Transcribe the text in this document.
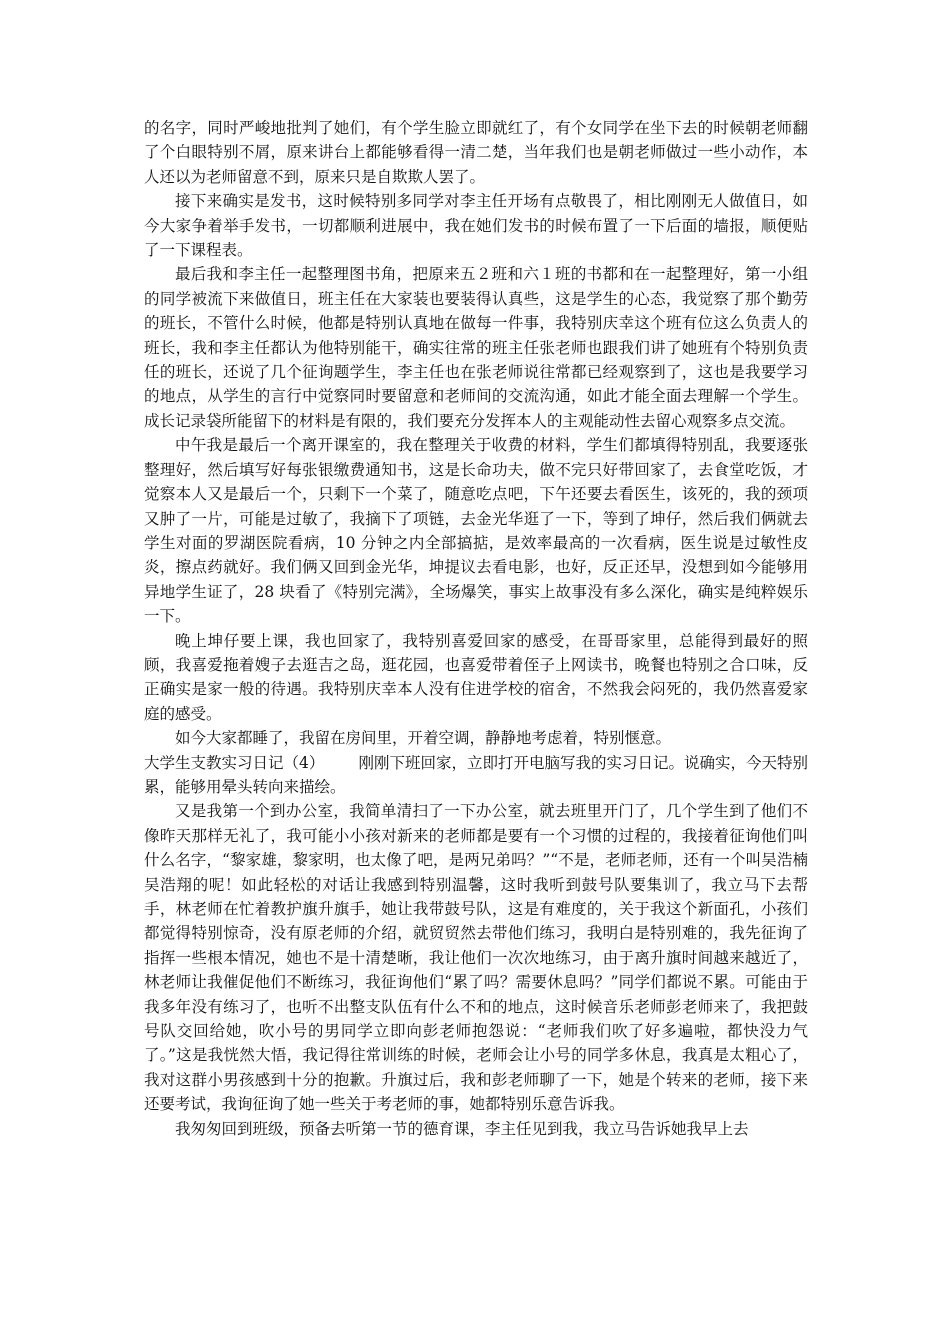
的名字，同时严峻地批判了她们，有个学生脸立即就红了，有个女同学在坐下去的时候朝老师翻了个白眼特别不屑，原来讲台上都能够看得一清二楚，当年我们也是朝老师做过一些小动作，本人还以为老师留意不到，原来只是自欺欺人罢了。

接下来确实是发书，这时候特别多同学对李主任开场有点敬畏了，相比刚刚无人做值日，如今大家争着举手发书，一切都顺利进展中，我在她们发书的时候布置了一下后面的墙报，顺便贴了一下课程表。

最后我和李主任一起整理图书角，把原来五２班和六１班的书都和在一起整理好，第一小组的同学被流下来做值日，班主任在大家装也要装得认真些，这是学生的心态，我觉察了那个勤劳的班长，不管什么时候，他都是特别认真地在做每一件事，我特别庆幸这个班有位这么负责人的班长，我和李主任都认为他特别能干，确实往常的班主任张老师也跟我们讲了她班有个特别负责任的班长，还说了几个征询题学生，李主任也在张老师说往常都已经观察到了，这也是我要学习的地点，从学生的言行中觉察同时要留意和老师间的交流沟通，如此才能全面去理解一个学生。成长记录袋所能留下的材料是有限的，我们要充分发挥本人的主观能动性去留心观察多点交流。

中午我是最后一个离开课室的，我在整理关于收费的材料，学生们都填得特别乱，我要逐张整理好，然后填写好每张银缴费通知书，这是长命功夫，做不完只好带回家了，去食堂吃饭，才觉察本人又是最后一个，只剩下一个菜了，随意吃点吧，下午还要去看医生，该死的，我的颈项又肿了一片，可能是过敏了，我摘下了项链，去金光华逛了一下，等到了坤仔，然后我们俩就去学生对面的罗湖医院看病，10 分钟之内全部搞掂，是效率最高的一次看病，医生说是过敏性皮炎，擦点药就好。我们俩又回到金光华，坤提议去看电影，也好，反正还早，没想到如今能够用异地学生证了，28 块看了《特别完满》，全场爆笑，事实上故事没有多么深化，确实是纯粹娱乐一下。

晚上坤仔要上课，我也回家了，我特别喜爱回家的感受，在哥哥家里，总能得到最好的照顾，我喜爱拖着嫂子去逛吉之岛，逛花园，也喜爱带着侄子上网读书，晚餐也特别之合口味，反正确实是家一般的待遇。我特别庆幸本人没有住进学校的宿舍，不然我会闷死的，我仍然喜爱家庭的感受。

如今大家都睡了，我留在房间里，开着空调，静静地考虑着，特别惬意。

大学生支教实习日记（4） 刚刚下班回家，立即打开电脑写我的实习日记。说确实，今天特别累，能够用晕头转向来描绘。

又是我第一个到办公室，我简单清扫了一下办公室，就去班里开门了，几个学生到了他们不像昨天那样无礼了，我可能小小孩对新来的老师都是要有一个习惯的过程的，我接着征询他们叫什么名字，“黎家雄，黎家明，也太像了吧，是两兄弟吗？”“不是，老师老师，还有一个叫吴浩楠 吴浩翔的呢！如此轻松的对话让我感到特别温馨，这时我听到鼓号队要集训了，我立马下去帮手，林老师在忙着教护旗升旗手，她让我带鼓号队，这是有难度的，关于我这个新面孔，小孩们都觉得特别惊奇，没有原老师的介绍，就贸贸然去带他们练习，我明白是特别难的，我先征询了指挥一些根本情况，她也不是十清楚晰，我让他们一次次地练习，由于离升旗时间越来越近了，林老师让我催促他们不断练习，我征询他们“累了吗？需要休息吗？”同学们都说不累。可能由于我多年没有练习了，也听不出整支队伍有什么不和的地点，这时候音乐老师彭老师来了，我把鼓号队交回给她，吹小号的男同学立即向彭老师抱怨说：“老师我们吹了好多遍啦，都快没力气了。”这是我恍然大悟，我记得往常训练的时候，老师会让小号的同学多休息，我真是太粗心了，我对这群小男孩感到十分的抱歉。升旗过后，我和彭老师聊了一下，她是个转来的老师，接下来还要考试，我询征询了她一些关于考老师的事，她都特别乐意告诉我。

我匆匆回到班级，预备去听第一节的德育课，李主任见到我，我立马告诉她我早上去
